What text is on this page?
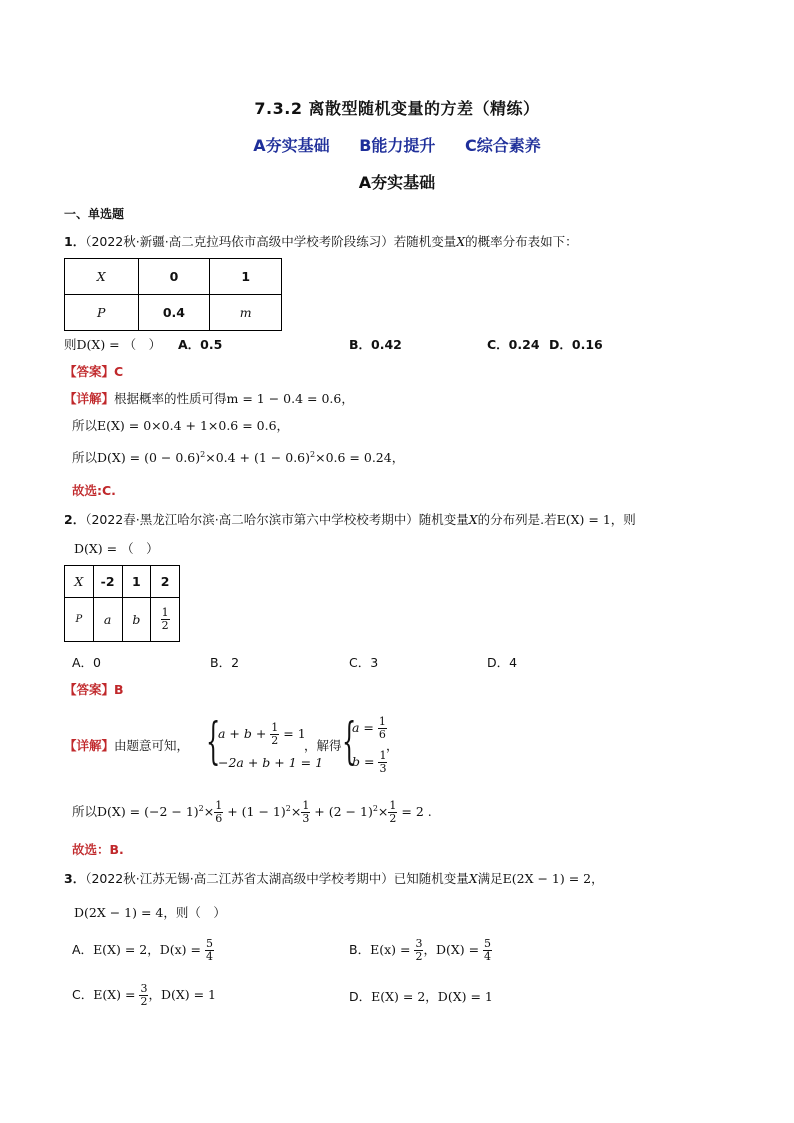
7.3.2 离散型随机变量的方差（精练）
A夯实基础 B能力提升 C综合素养
A夯实基础
一、单选题
1．（2022秋·新疆·高二克拉玛依市高级中学校考阶段练习）若随机变量X的概率分布表如下：
X	0	1
P	0.4	m
则D(X) = （　） A．0.5	B．0.42	C．0.24 D．0.16
【答案】C
【详解】根据概率的性质可得m = 1 − 0.4 = 0.6，
所以E(X) = 0×0.4 + 1×0.6 = 0.6，
所以$D(X) = (0 - 0.6)^2\times 0.4 + (1 - 0.6)^2\times 0.6 = 0.24$，
故选:C.
2．（2022春·黑龙江哈尔滨·高二哈尔滨市第六中学校校考期中）随机变量X的分布列是.若E(X) = 1，则
D(X) = （　）
X	-2	1	2
P	a	b	$\frac{1}{2}$
A．0	B．2	C．3	D．4
【答案】B
【详解】由题意可知， {
$a + b + \frac{1}{2} = 1$
−2a + b + 1 = 1
，解得 {
$a = \frac{1}{6}$
$b = \frac{1}{3}$
，
所以$D(X) = (-2 - 1)^2\times \frac{1}{6} + (1 - 1)^2\times \frac{1}{3} + (2 - 1)^2\times \frac{1}{2} = 2$ .
故选：B.
3．（2022秋·江苏无锡·高二江苏省太湖高级中学校考期中）已知随机变量X满足E(2X − 1) = 2，
D(2X − 1) = 4，则（　）
A．E(X) = 2，$D(x) = \frac{5}{4}$	B．$E(x) = \frac{3}{2}$ ，$D(X) = \frac{5}{4}$
C．$E(X) = \frac{3}{2}$ ，D(X) = 1	D．E(X) = 2，D(X) = 1
